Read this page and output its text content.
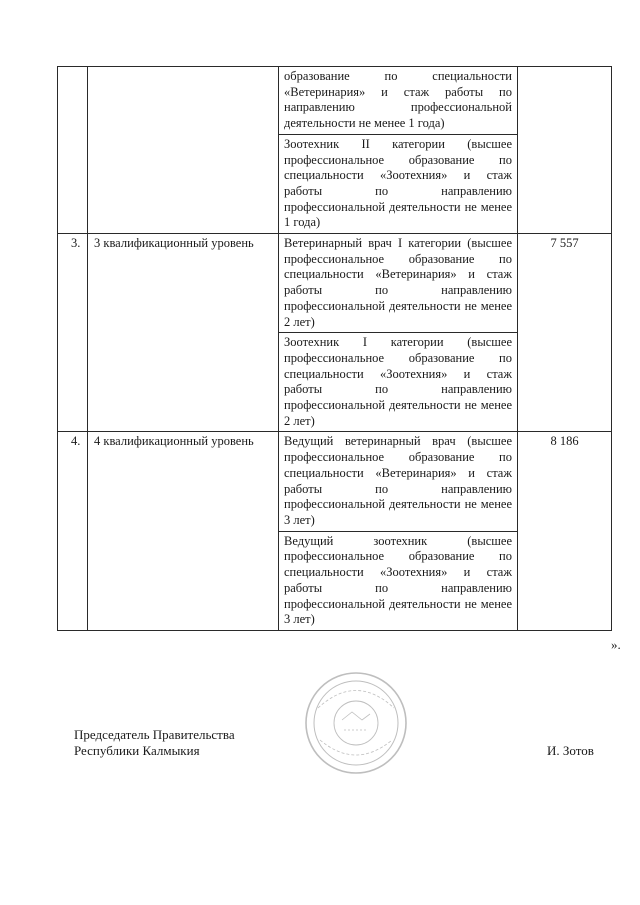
		образование по специальности «Ветеринария» и стаж работы по направлению профессиональной деятельности не менее 1 года)	

		Зоотехник II категории (высшее профессиональное образование по специальности «Зоотехния» и стаж работы по направлению профессиональной деятельности не менее 1 года)	

3.	3 квалификационный уровень	Ветеринарный врач I категории (высшее профессиональное образование по специальности «Ветеринария» и стаж работы по направлению профессиональной деятельности не менее 2 лет)	7 557

		Зоотехник I категории (высшее профессиональное образование по специальности «Зоотехния» и стаж работы по направлению профессиональной деятельности не менее 2 лет)	

4.	4 квалификационный уровень	Ведущий ветеринарный врач (высшее профессиональное образование по специальности «Ветеринария» и стаж работы по направлению профессиональной деятельности не менее 3 лет)	8 186

		Ведущий зоотехник (высшее профессиональное образование по специальности «Зоотехния» и стаж работы по направлению профессиональной деятельности не менее 3 лет)	
».
Председатель Правительства
Республики Калмыкия	И. Зотов
